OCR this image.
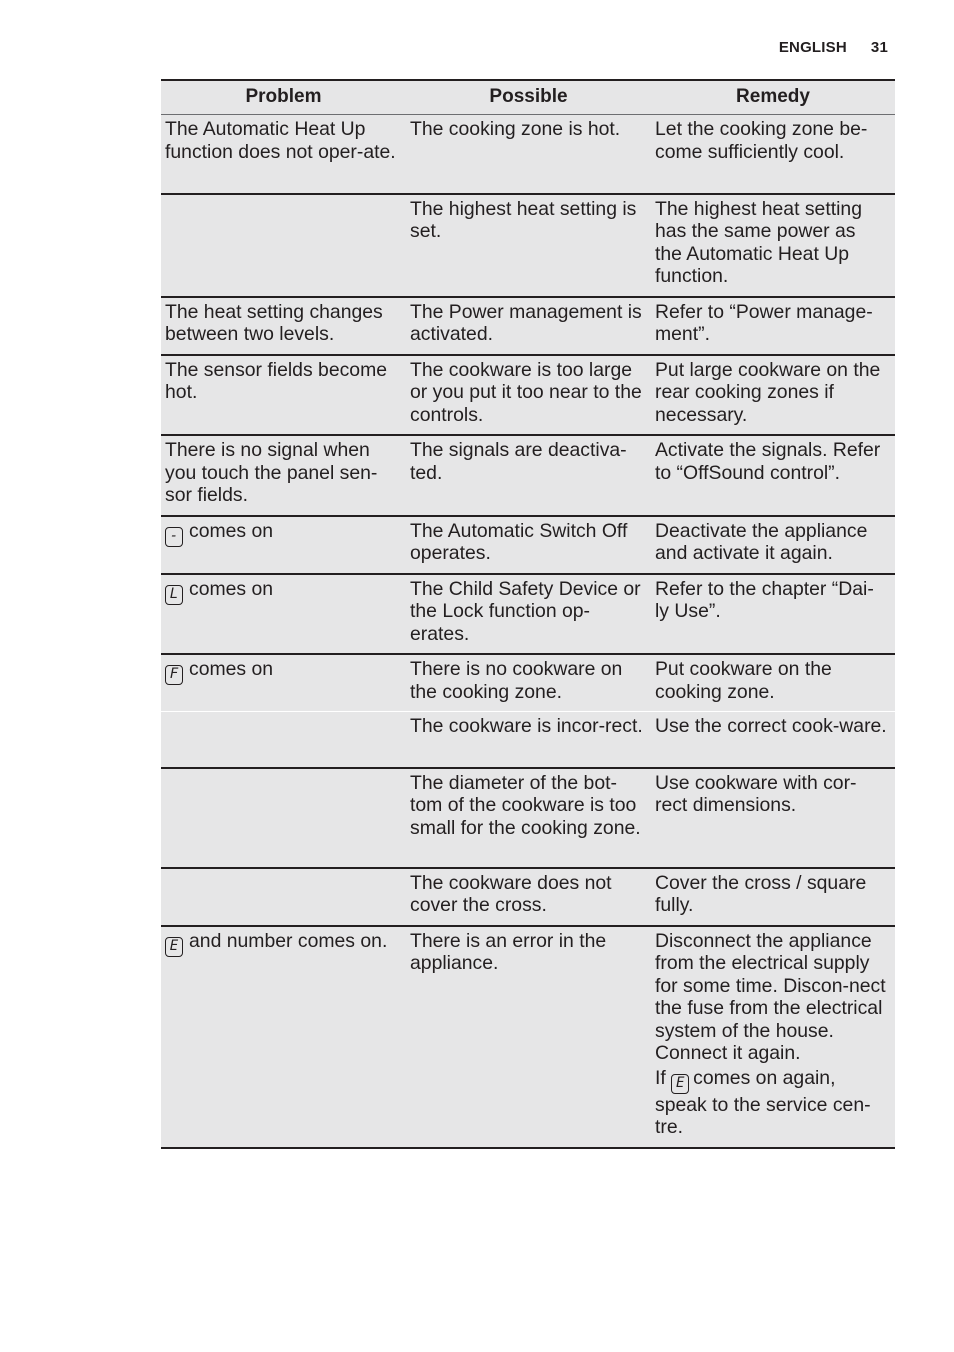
ENGLISH 31
Problem	Possible	Remedy
The Automatic Heat Up function does not oper-ate.	The cooking zone is hot.	Let the cooking zone be-come sufficiently cool.
	The highest heat setting is set.	The highest heat setting has the same power as the Automatic Heat Up function.
The heat setting changes between two levels.	The Power management is activated.	Refer to “Power manage-ment”.
The sensor fields become hot.	The cookware is too large or you put it too near to the controls.	Put large cookware on the rear cooking zones if necessary.
There is no signal when you touch the panel sen-sor fields.	The signals are deactiva-ted.	Activate the signals. Refer to “OffSound control”.
- comes on	The Automatic Switch Off operates.	Deactivate the appliance and activate it again.
L comes on	The Child Safety Device or the Lock function op-erates.	Refer to the chapter “Dai-ly Use”.
F comes on	There is no cookware on the cooking zone.	Put cookware on the cooking zone.
	The cookware is incor-rect.	Use the correct cook-ware.
	The diameter of the bot-tom of the cookware is too small for the cooking zone.	Use cookware with cor-rect dimensions.
	The cookware does not cover the cross.	Cover the cross / square fully.
E and number comes on.	There is an error in the appliance.	Disconnect the appliance from the electrical supply for some time. Discon-nect the fuse from the electrical system of the house. Connect it again.

If E comes on again, speak to the service cen-tre.
